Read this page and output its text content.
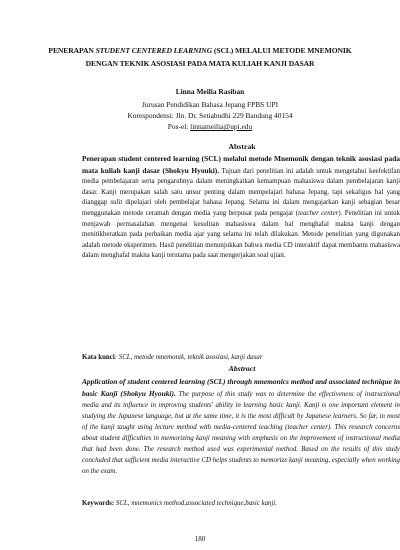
PENERAPAN STUDENT CENTERED LEARNING (SCL) MELALUI METODE MNEMONIK DENGAN TEKNIK ASOSIASI PADA MATA KULIAH KANJI DASAR
Linna Meilia Rasiban
Jurusan Pendidikan Bahasa Jepang FPBS UPI
Korespondensi: Jln. Dr. Setiabudhi 229 Bandung 40154
Pos-el: linnameilia@upi.edu
Abstrak
Penerapan student centered learning (SCL) melalui metode Mnemonik dengan teknik asosiasi pada mata kuliah kanji dasar (Shokyu Hyouki). Tujuan dari penelitian ini adalah untuk mengetahui keefektifan media pembelajaran serta pengaruhnya dalam meningkatkan kemampuan mahasiswa dalam pembelajaran kanji dasar. Kanji merupakan salah satu unsur penting dalam mempelajari bahasa Jepang, tapi sekaligus hal yang dianggap sulit dipelajari oleh pembelajar bahasa Jepang. Selama ini dalam mengajarkan kanji sebagian besar menggunakan metode ceramah dengan media yang berpusat pada pengajar (teacher center). Penelitian ini untuk menjawab permasalahan mengenai kesulitan mahasiswa dalam hal menghafal makna kanji dengan menitikberatkan pada perbaikan media ajar yang selama ini telah dilakukan. Metode penelitian yang digunakan adalah metode eksperimen. Hasil penelitian menunjukkan bahwa media CD interaktif dapat membantu mahasiswa dalam menghafal makna kanji terutama pada saat mengerjakan soal ujian.
Kata kunci: SCL, metode mnemonik, teknik asosiasi, kanji dasar
Abstract
Application of student centered learning (SCL) through mnemonics method and associated technique in basic Kanji (Shokyu Hyouki). The purpose of this study was to determine the effectiveness of instructional media and its influence in improving students' ability in learning basic kanji. Kanji is one important element in studying the Japanese language, but at the same time, it is the most difficult by Japanese learners. So far, in most of the kanji taught using lecture method with media-centered teaching (teacher center). This research concerns about student difficulties in memorizing kanji meaning with emphasis on the improvement of instructional media that had been done. The research method used was experimental method. Based on the results of this study concluded that sufficient media interactive CD helps students to memorize kanji meaning, especially when working on the exam.
Keywords: SCL, mnemonics method,associated technique,basic kanji.
180
